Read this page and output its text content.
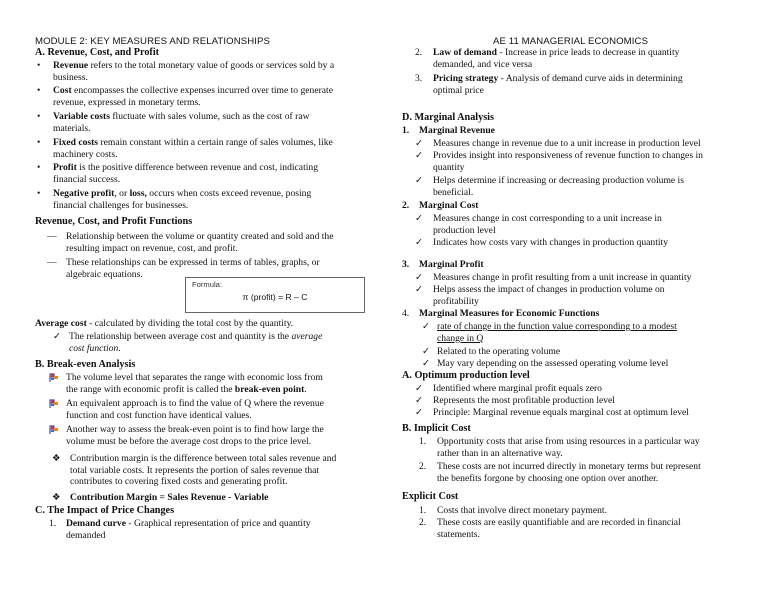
MODULE 2: KEY MEASURES AND RELATIONSHIPS	AE 11 MANAGERIAL ECONOMICS
A. Revenue, Cost, and Profit
•	Revenue refers to the total monetary value of goods or services sold by a
business.
•	Cost encompasses the collective expenses incurred over time to generate
revenue, expressed in monetary terms.
•	Variable costs fluctuate with sales volume, such as the cost of raw
materials.
•	Fixed costs remain constant within a certain range of sales volumes, like
machinery costs.
•	Profit is the positive difference between revenue and cost, indicating
financial success.
•	Negative profit, or loss, occurs when costs exceed revenue, posing
financial challenges for businesses.
Revenue, Cost, and Profit Functions
— Relationship between the volume or quantity created and sold and the
resulting impact on revenue, cost, and profit.
— These relationships can be expressed in terms of tables, graphs, or
algebraic equations.
Formula:
π (profit) = R – C
Average cost - calculated by dividing the total cost by the quantity.
✓ The relationship between average cost and quantity is the average
cost function.
B. Break-even Analysis
The volume level that separates the range with economic loss from
the range with economic profit is called the break-even point.
An equivalent approach is to find the value of Q where the revenue
function and cost function have identical values.
Another way to assess the break-even point is to find how large the
volume must be before the average cost drops to the price level.
❖ Contribution margin is the difference between total sales revenue and
total variable costs. It represents the portion of sales revenue that
contributes to covering fixed costs and generating profit.
❖ Contribution Margin = Sales Revenue - Variable
C. The Impact of Price Changes
1.	Demand curve - Graphical representation of price and quantity
demanded
2.	Law of demand - Increase in price leads to decrease in quantity
demanded, and vice versa
3.	Pricing strategy - Analysis of demand curve aids in determining
optimal price
D. Marginal Analysis
1. Marginal Revenue
✓	Measures change in revenue due to a unit increase in production level
✓ Provides insight into responsiveness of revenue function to changes in
quantity
✓ Helps determine if increasing or decreasing production volume is
beneficial.
2. Marginal Cost
✓ Measures change in cost corresponding to a unit increase in
production level
✓	Indicates how costs vary with changes in production quantity
3. Marginal Profit
✓	Measures change in profit resulting from a unit increase in quantity
✓ Helps assess the impact of changes in production volume on
profitability
4. Marginal Measures for Economic Functions
✓ rate of change in the function value corresponding to a modest
change in Q
✓ Related to the operating volume
✓ May vary depending on the assessed operating volume level
A. Optimum production level
✓	Identified where marginal profit equals zero
✓	Represents the most profitable production level
✓	Principle: Marginal revenue equals marginal cost at optimum level
B. Implicit Cost
1. Opportunity costs that arise from using resources in a particular way
rather than in an alternative way.
2. These costs are not incurred directly in monetary terms but represent
the benefits forgone by choosing one option over another.
Explicit Cost
1.	Costs that involve direct monetary payment.
2. These costs are easily quantifiable and are recorded in financial
statements.
